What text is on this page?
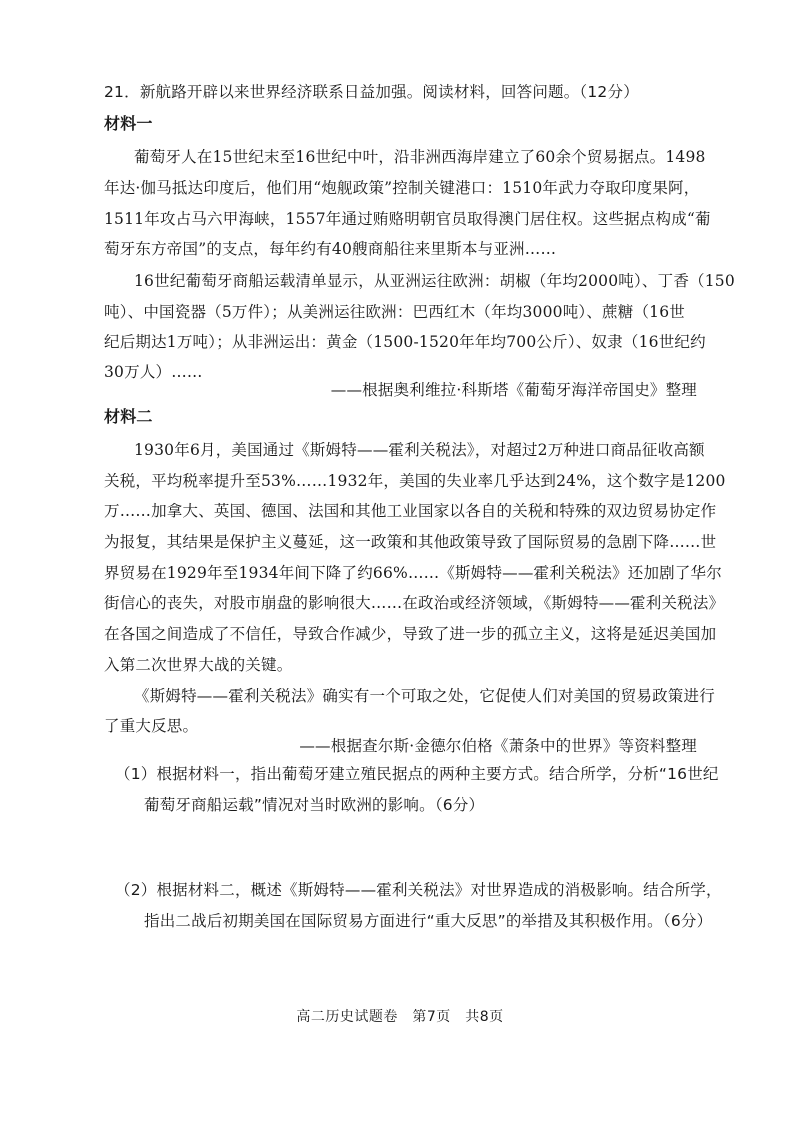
21．新航路开辟以来世界经济联系日益加强。阅读材料，回答问题。（12分）
材料一
葡萄牙人在15世纪末至16世纪中叶，沿非洲西海岸建立了60余个贸易据点。1498
年达·伽马抵达印度后，他们用“炮舰政策”控制关键港口：1510年武力夺取印度果阿，
1511年攻占马六甲海峡，1557年通过贿赂明朝官员取得澳门居住权。这些据点构成“葡
萄牙东方帝国”的支点，每年约有40艘商船往来里斯本与亚洲……
16世纪葡萄牙商船运载清单显示，从亚洲运往欧洲：胡椒（年均2000吨）、丁香（150
吨）、中国瓷器（5万件）；从美洲运往欧洲：巴西红木（年均3000吨）、蔗糖（16世
纪后期达1万吨）；从非洲运出：黄金（1500-1520年年均700公斤）、奴隶（16世纪约
30万人）……
——根据奥利维拉·科斯塔《葡萄牙海洋帝国史》整理
材料二
1930年6月，美国通过《斯姆特——霍利关税法》，对超过2万种进口商品征收高额
关税，平均税率提升至53%……1932年，美国的失业率几乎达到24%，这个数字是1200
万……加拿大、英国、德国、法国和其他工业国家以各自的关税和特殊的双边贸易协定作
为报复，其结果是保护主义蔓延，这一政策和其他政策导致了国际贸易的急剧下降……世
界贸易在1929年至1934年间下降了约66%……《斯姆特——霍利关税法》还加剧了华尔
街信心的丧失，对股市崩盘的影响很大……在政治或经济领域，《斯姆特——霍利关税法》
在各国之间造成了不信任，导致合作减少，导致了进一步的孤立主义，这将是延迟美国加
入第二次世界大战的关键。
《斯姆特——霍利关税法》确实有一个可取之处，它促使人们对美国的贸易政策进行
了重大反思。
——根据查尔斯·金德尔伯格《萧条中的世界》等资料整理
（1）根据材料一，指出葡萄牙建立殖民据点的两种主要方式。结合所学，分析“16世纪
葡萄牙商船运载”情况对当时欧洲的影响。（6分）
（2）根据材料二，概述《斯姆特——霍利关税法》对世界造成的消极影响。结合所学，
指出二战后初期美国在国际贸易方面进行“重大反思”的举措及其积极作用。（6分）
高二历史试题卷　第7页　共8页
